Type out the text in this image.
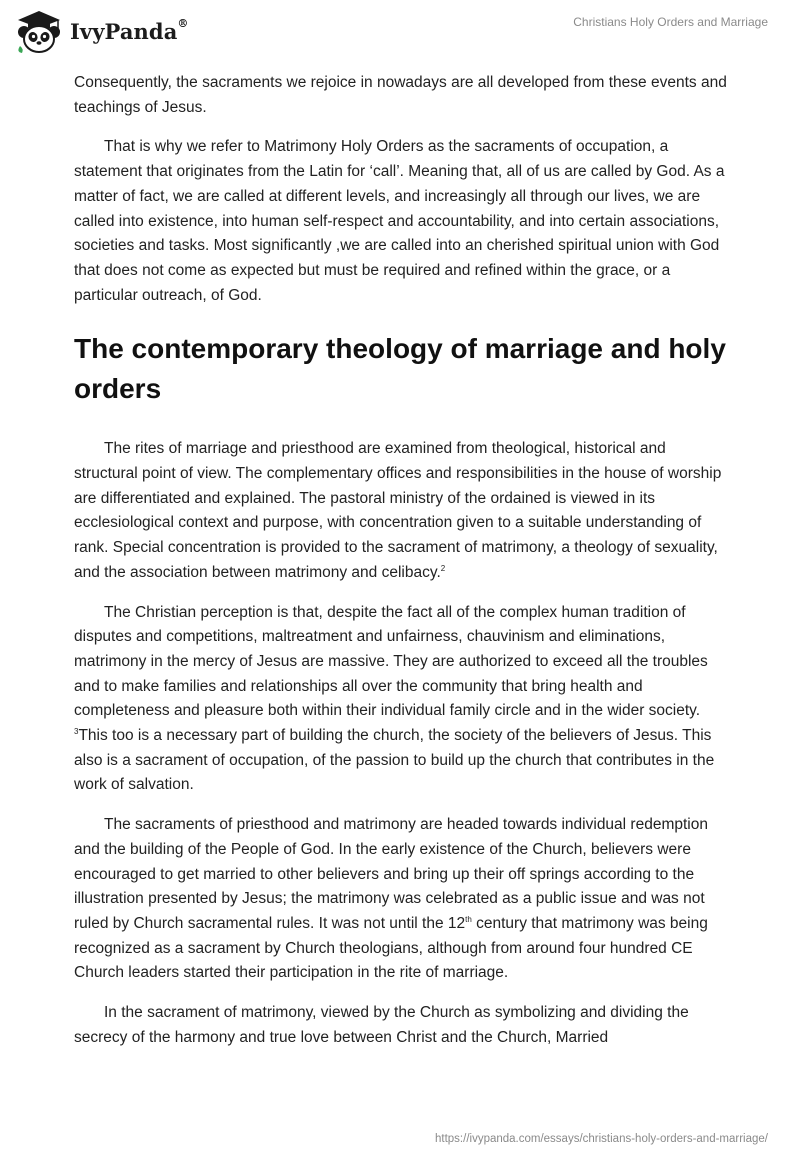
IvyPanda®	Christians Holy Orders and Marriage

Consequently, the sacraments we rejoice in nowadays are all developed from these events and teachings of Jesus.

That is why we refer to Matrimony Holy Orders as the sacraments of occupation, a statement that originates from the Latin for ‘call’. Meaning that, all of us are called by God. As a matter of fact, we are called at different levels, and increasingly all through our lives, we are called into existence, into human self-respect and accountability, and into certain associations, societies and tasks. Most significantly ,we are called into an cherished spiritual union with God that does not come as expected but must be required and refined within the grace, or a particular outreach, of God.

The contemporary theology of marriage and holy orders

The rites of marriage and priesthood are examined from theological, historical and structural point of view. The complementary offices and responsibilities in the house of worship are differentiated and explained. The pastoral ministry of the ordained is viewed in its ecclesiological context and purpose, with concentration given to a suitable understanding of rank. Special concentration is provided to the sacrament of matrimony, a theology of sexuality, and the association between matrimony and celibacy.$^2$

The Christian perception is that, despite the fact all of the complex human tradition of disputes and competitions, maltreatment and unfairness, chauvinism and eliminations, matrimony in the mercy of Jesus are massive. They are authorized to exceed all the troubles and to make families and relationships all over the community that bring health and completeness and pleasure both within their individual family circle and in the wider society. $^3$This too is a necessary part of building the church, the society of the believers of Jesus. This also is a sacrament of occupation, of the passion to build up the church that contributes in the work of salvation.

The sacraments of priesthood and matrimony are headed towards individual redemption and the building of the People of God. In the early existence of the Church, believers were encouraged to get married to other believers and bring up their off springs according to the illustration presented by Jesus; the matrimony was celebrated as a public issue and was not ruled by Church sacramental rules. It was not until the 12th century that matrimony was being recognized as a sacrament by Church theologians, although from around four hundred CE Church leaders started their participation in the rite of marriage.

In the sacrament of matrimony, viewed by the Church as symbolizing and dividing the secrecy of the harmony and true love between Christ and the Church, Married

https://ivypanda.com/essays/christians-holy-orders-and-marriage/
